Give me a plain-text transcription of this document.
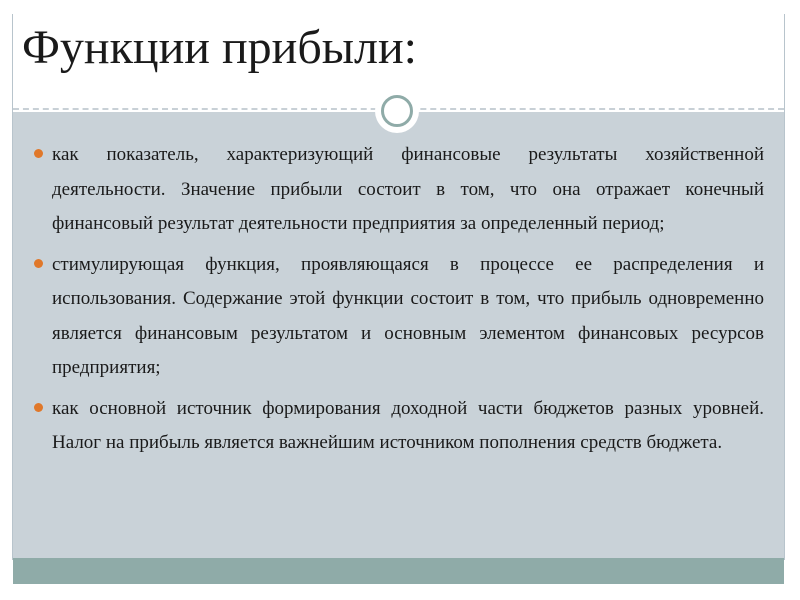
Функции прибыли:
как показатель, характеризующий финансовые результаты хозяйственной деятельности. Значение прибыли состоит в том, что она отражает конечный финансовый результат деятельности предприятия за определенный период;
стимулирующая функция, проявляющаяся в процессе ее распределения и использования. Содержание этой функции состоит в том, что прибыль одновременно является финансовым результатом и основным элементом финансовых ресурсов предприятия;
как основной источник формирования доходной части бюджетов разных уровней. Налог на прибыль является важнейшим источником пополнения средств бюджета.
